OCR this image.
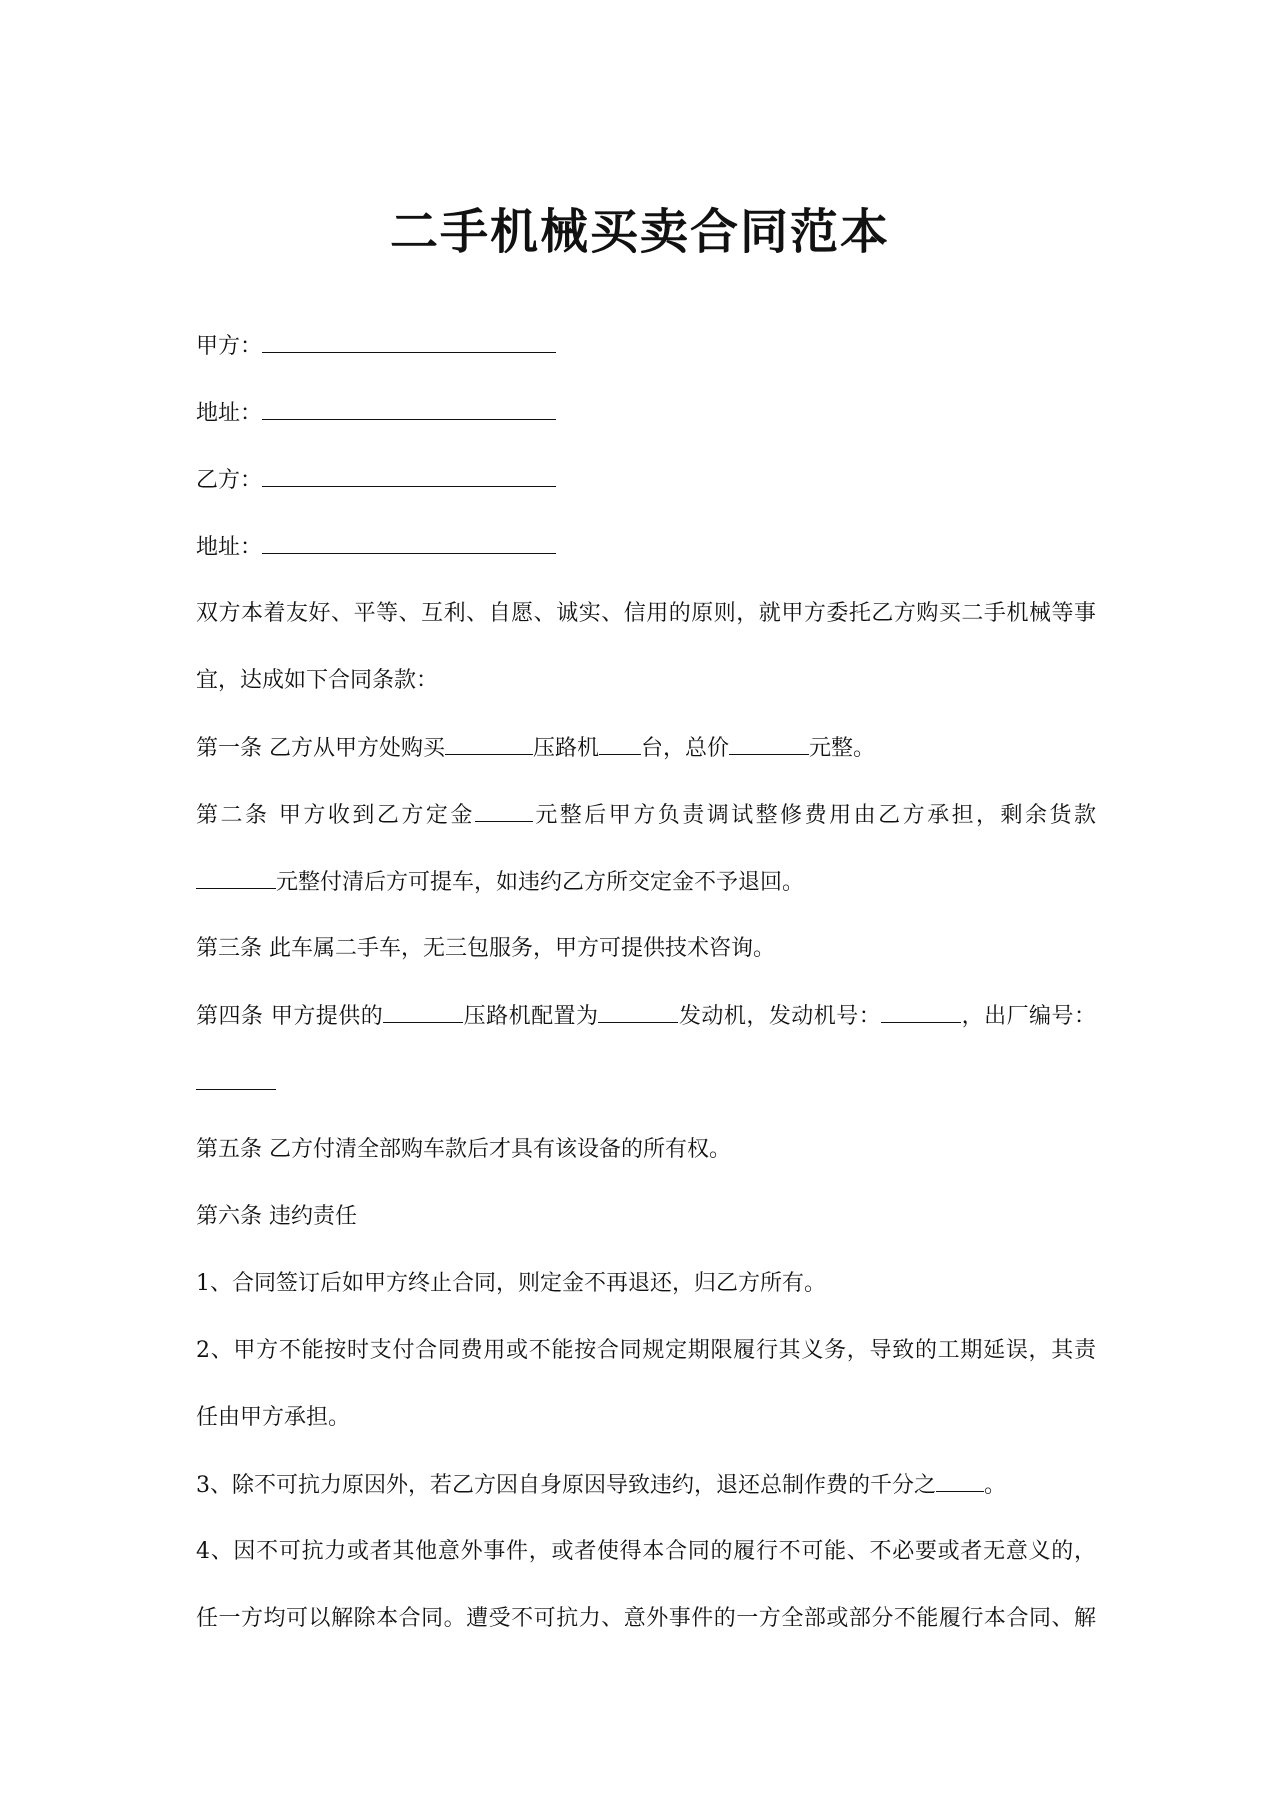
二手机械买卖合同范本
甲方：
地址：
乙方：
地址：
双方本着友好、平等、互利、自愿、诚实、信用的原则，就甲方委托乙方购买二手机械等事
宜，达成如下合同条款：
第一条 乙方从甲方处购买	压路机 台，总价	元整。
第二条 甲方收到乙方定金	元整后甲方负责调试整修费用由乙方承担，剩余货款
元整付清后方可提车，如违约乙方所交定金不予退回。
第三条 此车属二手车，无三包服务，甲方可提供技术咨询。
第四条 甲方提供的	压路机配置为	发动机，发动机号：	，出厂编号：
第五条 乙方付清全部购车款后才具有该设备的所有权。
第六条 违约责任
1、合同签订后如甲方终止合同，则定金不再退还，归乙方所有。
2、甲方不能按时支付合同费用或不能按合同规定期限履行其义务，导致的工期延误，其责
任由甲方承担。
3、除不可抗力原因外，若乙方因自身原因导致违约，退还总制作费的千分之 。
4、因不可抗力或者其他意外事件，或者使得本合同的履行不可能、不必要或者无意义的，
任一方均可以解除本合同。遭受不可抗力、意外事件的一方全部或部分不能履行本合同、解
